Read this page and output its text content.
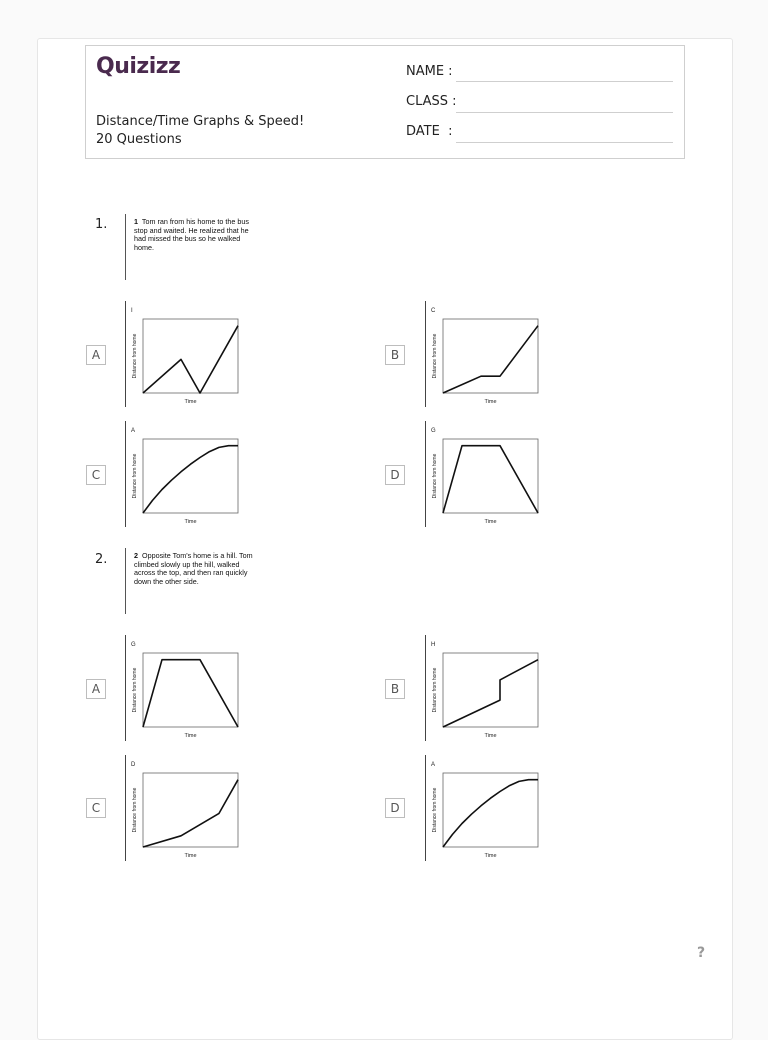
Quizizz
Distance/Time Graphs & Speed!
20 Questions
NAME :
CLASS :
DATE  :
1.	1 Tom ran from his home to the bus stop and waited. He realized that he had missed the bus so he walked home.
A
I
Distance from home
Time
B
C
Distance from home
Time
C
A
Distance from home
Time
D
G
Distance from home
Time
2.	2 Opposite Tom's home is a hill. Tom climbed slowly up the hill, walked across the top, and then ran quickly down the other side.
A
G
Distance from home
Time
B
H
Distance from home
Time
C
D
Distance from home
Time
D
A
Distance from home
Time
?
